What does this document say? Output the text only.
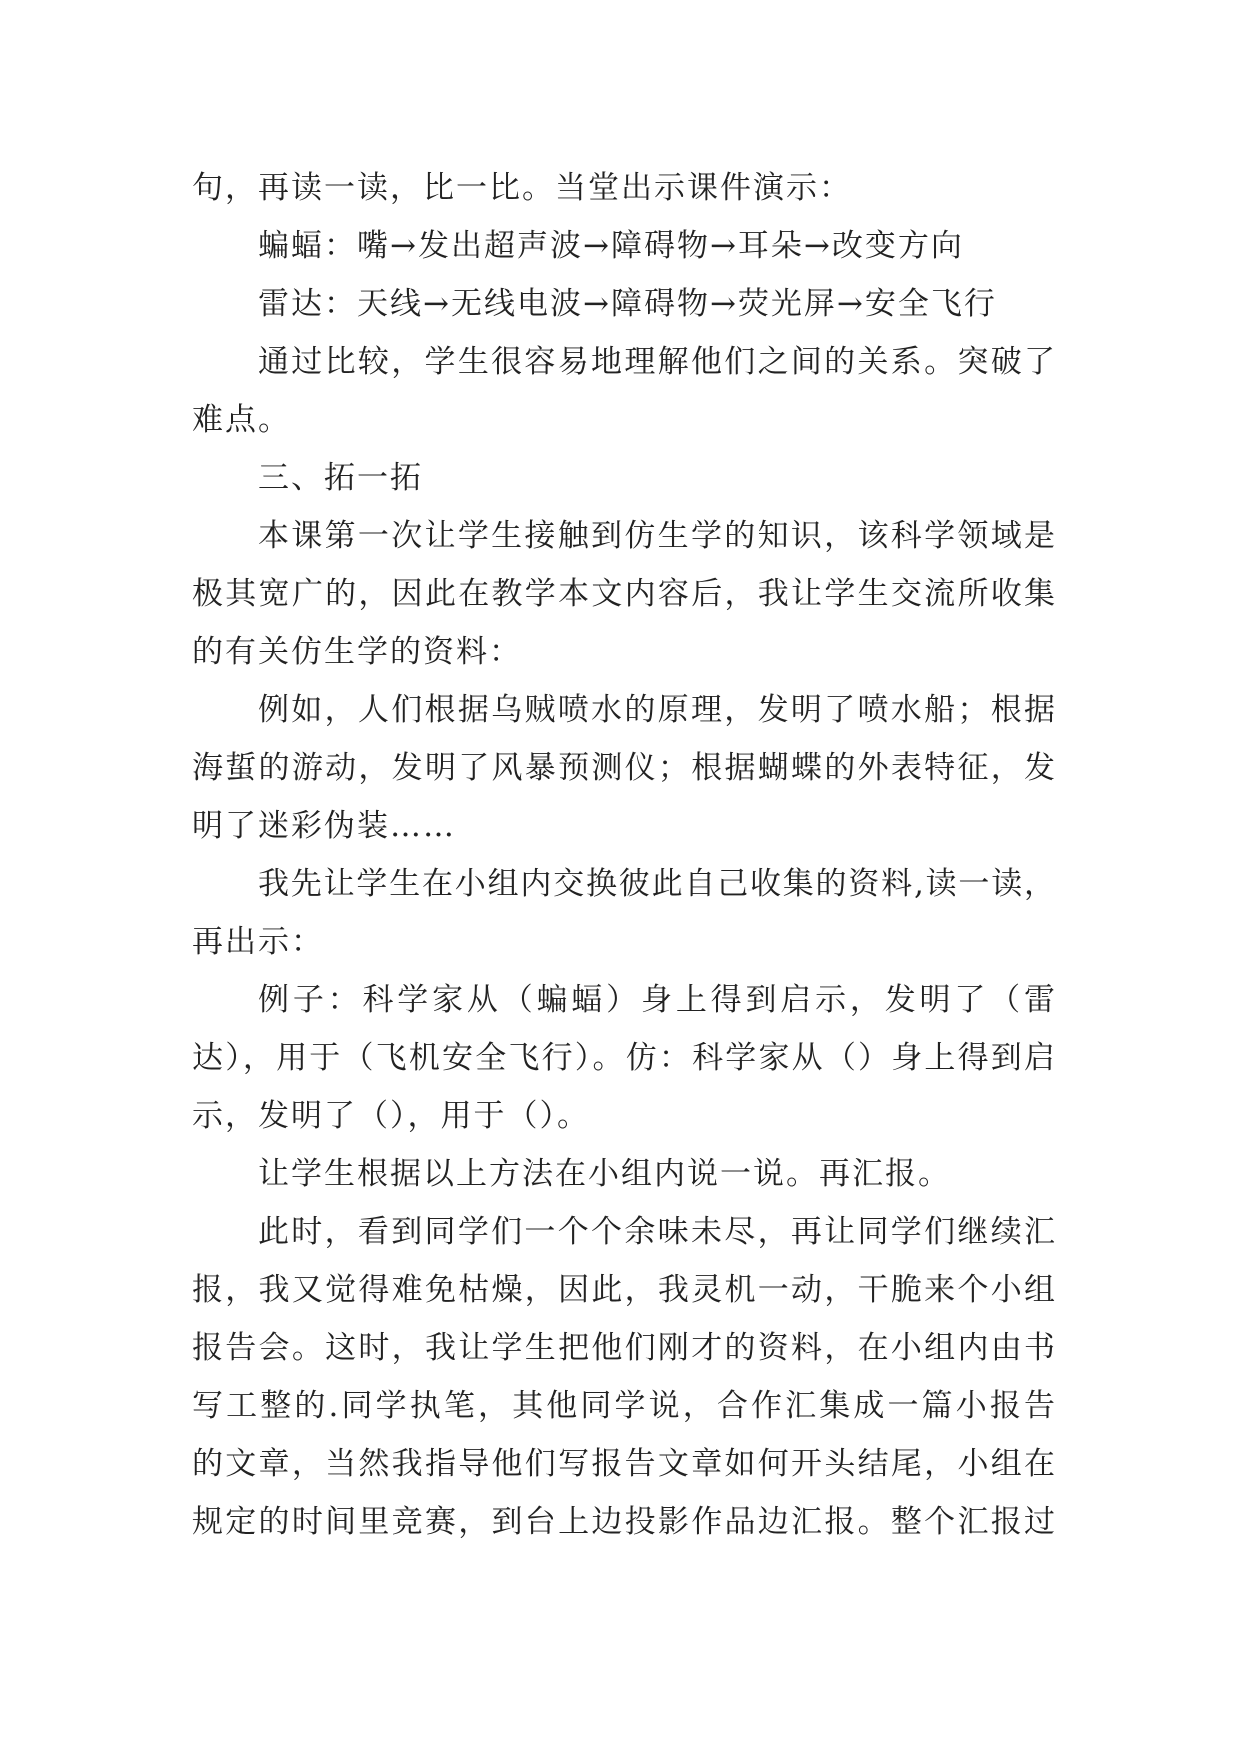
句，再读一读，比一比。当堂出示课件演示：
蝙蝠：嘴→发出超声波→障碍物→耳朵→改变方向
雷达：天线→无线电波→障碍物→荧光屏→安全飞行
通过比较，学生很容易地理解他们之间的关系。突破了
难点。
三、拓一拓
本课第一次让学生接触到仿生学的知识，该科学领域是
极其宽广的，因此在教学本文内容后，我让学生交流所收集
的有关仿生学的资料：
例如，人们根据乌贼喷水的原理，发明了喷水船；根据
海蜇的游动，发明了风暴预测仪；根据蝴蝶的外表特征，发
明了迷彩伪装……
我先让学生在小组内交换彼此自己收集的资料,读一读，
再出示：
例子：科学家从（蝙蝠）身上得到启示，发明了（雷
达），用于（飞机安全飞行）。仿：科学家从（）身上得到启
示，发明了（），用于（）。
让学生根据以上方法在小组内说一说。再汇报。
此时，看到同学们一个个余味未尽，再让同学们继续汇
报，我又觉得难免枯燥，因此，我灵机一动，干脆来个小组
报告会。这时，我让学生把他们刚才的资料，在小组内由书
写工整的.同学执笔，其他同学说，合作汇集成一篇小报告
的文章，当然我指导他们写报告文章如何开头结尾，小组在
规定的时间里竞赛，到台上边投影作品边汇报。整个汇报过
